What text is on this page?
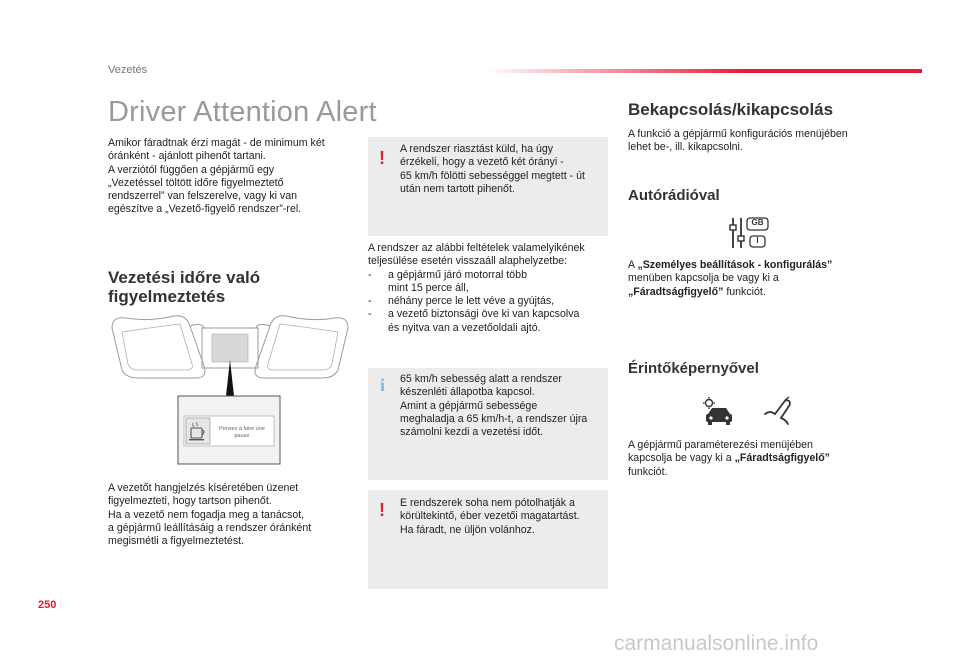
Vezetés
Driver Attention Alert
Amikor fáradtnak érzi magát - de minimum két
óránként - ajánlott pihenőt tartani.
A verziótól függően a gépjármű egy
„Vezetéssel töltött időre figyelmeztető
rendszerrel” van felszerelve, vagy ki van
egészítve a „Vezető-figyelő rendszer”-rel.
Vezetési időre való
figyelmeztetés
Pensez à faire une
pause
A vezetőt hangjelzés kíséretében üzenet
figyelmezteti, hogy tartson pihenőt.
Ha a vezető nem fogadja meg a tanácsot,
a gépjármű leállításáig a rendszer óránként
megismétli a figyelmeztetést.
! A rendszer riasztást küld, ha úgy
érzékeli, hogy a vezető két órányi -
65 km/h fölötti sebességgel megtett - út
után nem tartott pihenőt.
A rendszer az alábbi feltételek valamelyikének
teljesülése esetén visszaáll alaphelyzetbe:
- a gépjármű járó motorral több
mint 15 perce áll,
- néhány perce le lett véve a gyújtás,
- a vezető biztonsági öve ki van kapcsolva
és nyitva van a vezetőoldali ajtó.
i 65 km/h sebesség alatt a rendszer
készenléti állapotba kapcsol.
Amint a gépjármű sebessége
meghaladja a 65 km/h-t, a rendszer újra
számolni kezdi a vezetési időt.
! E rendszerek soha nem pótolhatják a
körültekintő, éber vezetői magatartást.
Ha fáradt, ne üljön volánhoz.
Bekapcsolás/kikapcsolás
A funkció a gépjármű konfigurációs menüjében
lehet be-, ill. kikapcsolni.
Autórádióval
GB
I
A „Személyes beállítások - konfigurálás”
menüben kapcsolja be vagy ki a
„Fáradtságfigyelő” funkciót.
Érintőképernyővel
A gépjármű paraméterezési menüjében
kapcsolja be vagy ki a „Fáradtságfigyelő”
funkciót.
250
carmanualsonline.info
